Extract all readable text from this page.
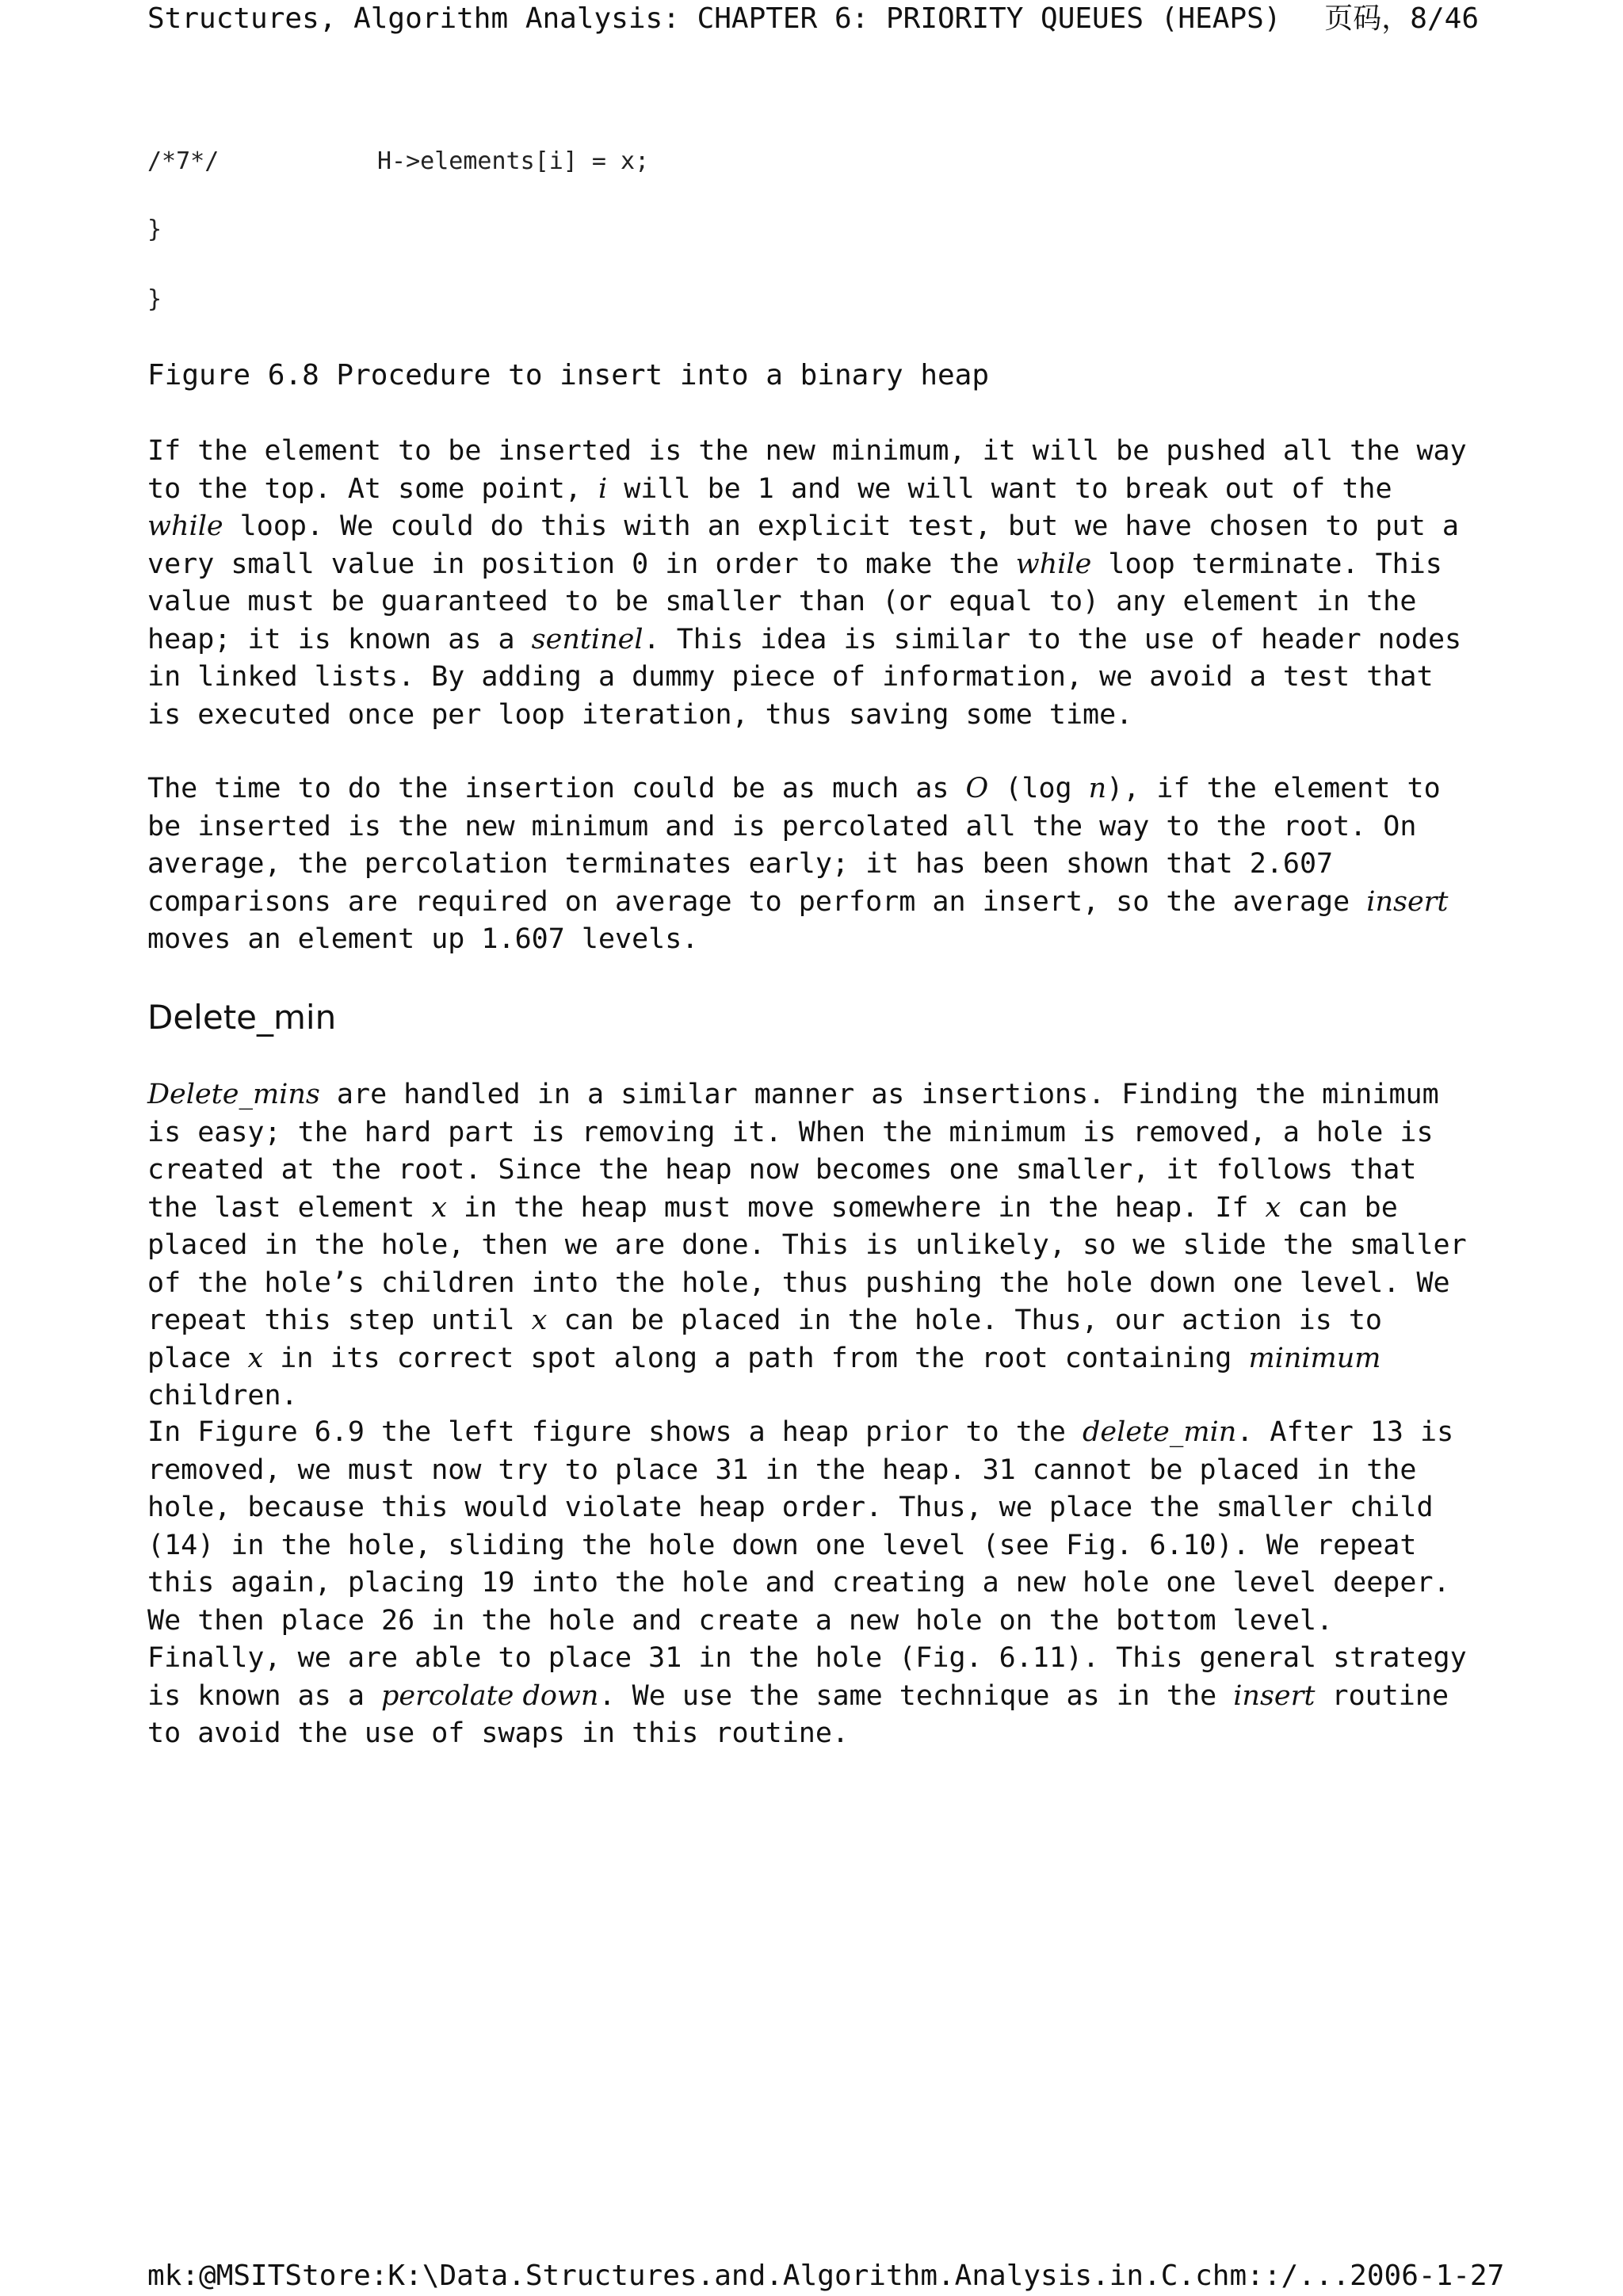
Structures, Algorithm Analysis: CHAPTER 6: PRIORITY QUEUES (HEAPS) 页码，8/46
/*7*/	H->elements[i] = x;
}
}
Figure 6.8 Procedure to insert into a binary heap

If the element to be inserted is the new minimum, it will be pushed all the way to the top. At some point, i will be 1 and we will want to break out of the while loop. We could do this with an explicit test, but we have chosen to put a very small value in position 0 in order to make the while loop terminate. This value must be guaranteed to be smaller than (or equal to) any element in the heap; it is known as a sentinel. This idea is similar to the use of header nodes in linked lists. By adding a dummy piece of information, we avoid a test that is executed once per loop iteration, thus saving some time.

The time to do the insertion could be as much as O (log n), if the element to be inserted is the new minimum and is percolated all the way to the root. On average, the percolation terminates early; it has been shown that 2.607 comparisons are required on average to perform an insert, so the average insert moves an element up 1.607 levels.

Delete_min

Delete_mins are handled in a similar manner as insertions. Finding the minimum is easy; the hard part is removing it. When the minimum is removed, a hole is created at the root. Since the heap now becomes one smaller, it follows that the last element x in the heap must move somewhere in the heap. If x can be placed in the hole, then we are done. This is unlikely, so we slide the smaller of the hole’s children into the hole, thus pushing the hole down one level. We repeat this step until x can be placed in the hole. Thus, our action is to place x in its correct spot along a path from the root containing minimum children.

In Figure 6.9 the left figure shows a heap prior to the delete_min. After 13 is removed, we must now try to place 31 in the heap. 31 cannot be placed in the hole, because this would violate heap order. Thus, we place the smaller child (14) in the hole, sliding the hole down one level (see Fig. 6.10). We repeat this again, placing 19 into the hole and creating a new hole one level deeper. We then place 26 in the hole and create a new hole on the bottom level. Finally, we are able to place 31 in the hole (Fig. 6.11). This general strategy is known as a percolate down. We use the same technique as in the insert routine to avoid the use of swaps in this routine.

mk:@MSITStore:K:\Data.Structures.and.Algorithm.Analysis.in.C.chm::/... 2006-1-27
